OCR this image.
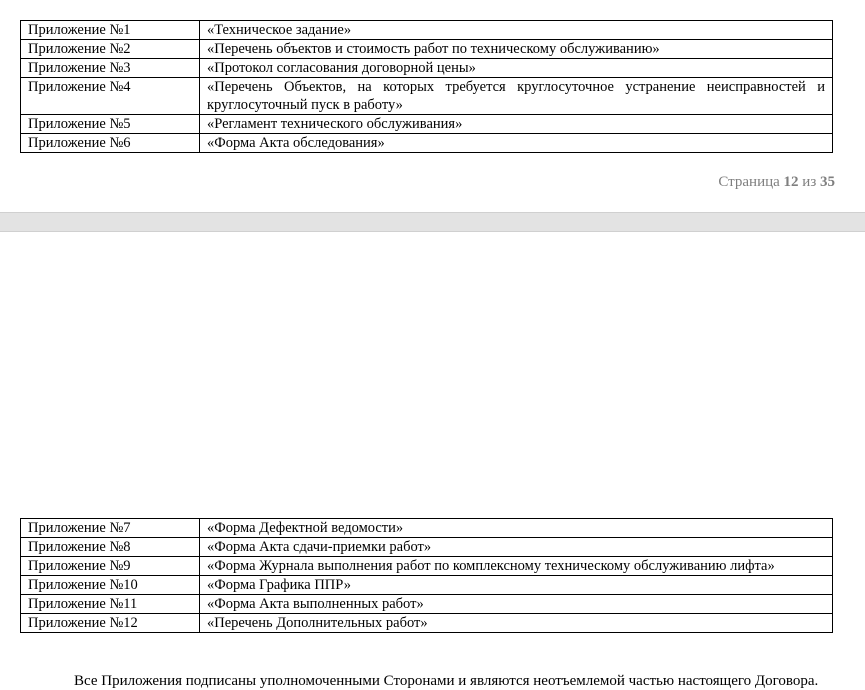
Приложение №1	«Техническое задание»
Приложение №2	«Перечень объектов и стоимость работ по техническому обслуживанию»
Приложение №3	«Протокол согласования договорной цены»
Приложение №4	«Перечень Объектов, на которых требуется круглосуточное устранение неисправностей и круглосуточный пуск в работу»
Приложение №5	«Регламент технического обслуживания»
Приложение №6	«Форма Акта обследования»
Страница 12 из 35
Приложение №7	«Форма Дефектной ведомости»
Приложение №8	«Форма Акта сдачи-приемки работ»
Приложение №9	«Форма Журнала выполнения работ по комплексному техническому обслуживанию лифта»
Приложение №10	«Форма Графика ППР»
Приложение №11	«Форма Акта выполненных работ»
Приложение №12	«Перечень Дополнительных работ»
Все Приложения подписаны уполномоченными Сторонами и являются неотъемлемой частью настоящего Договора.
